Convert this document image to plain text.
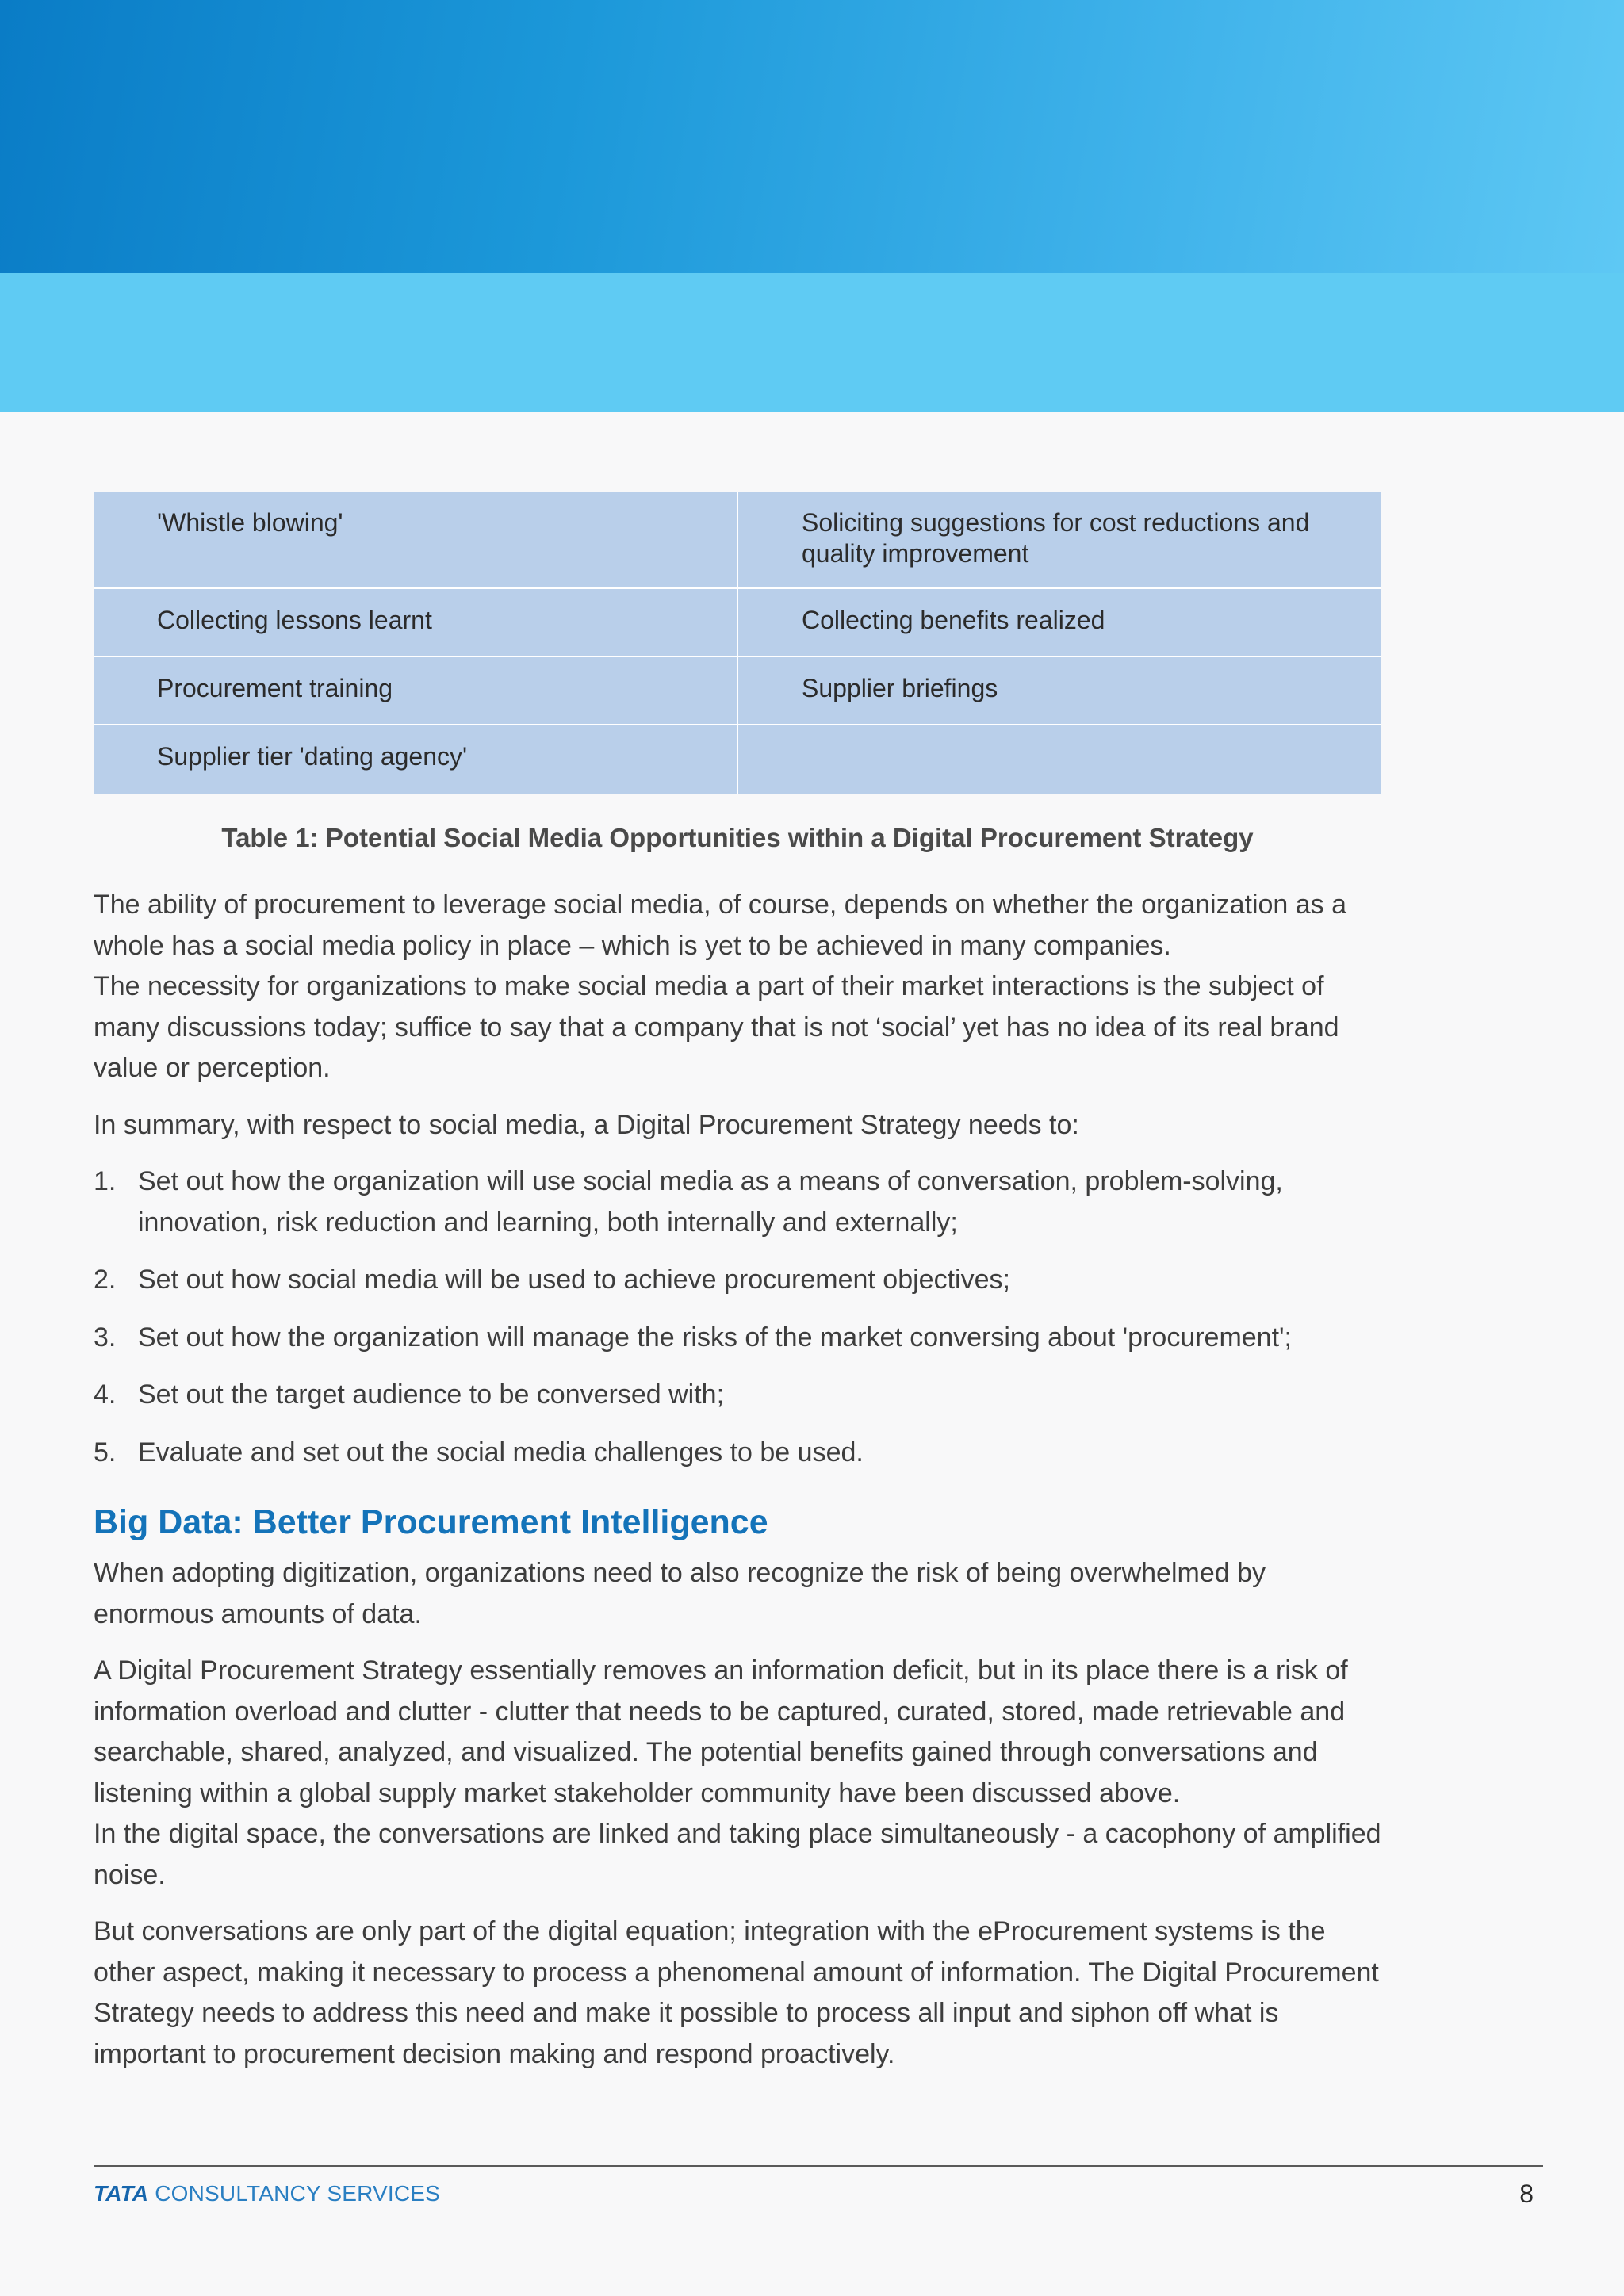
'Whistle blowing'	Soliciting suggestions for cost reductions and quality improvement
Collecting lessons learnt	Collecting benefits realized
Procurement training	Supplier briefings
Supplier tier 'dating agency'	
Table 1: Potential Social Media Opportunities within a Digital Procurement Strategy

The ability of procurement to leverage social media, of course, depends on whether the organization as a whole has a social media policy in place – which is yet to be achieved in many companies.

The necessity for organizations to make social media a part of their market interactions is the subject of many discussions today; suffice to say that a company that is not ‘social’ yet has no idea of its real brand value or perception.

In summary, with respect to social media, a Digital Procurement Strategy needs to:

1. Set out how the organization will use social media as a means of conversation, problem-solving, innovation, risk reduction and learning, both internally and externally;
2. Set out how social media will be used to achieve procurement objectives;
3. Set out how the organization will manage the risks of the market conversing about 'procurement';
4. Set out the target audience to be conversed with;
5. Evaluate and set out the social media challenges to be used.
Big Data: Better Procurement Intelligence

When adopting digitization, organizations need to also recognize the risk of being overwhelmed by enormous amounts of data.

A Digital Procurement Strategy essentially removes an information deficit, but in its place there is a risk of information overload and clutter - clutter that needs to be captured, curated, stored, made retrievable and searchable, shared, analyzed, and visualized. The potential benefits gained through conversations and listening within a global supply market stakeholder community have been discussed above.

In the digital space, the conversations are linked and taking place simultaneously - a cacophony of amplified noise.

But conversations are only part of the digital equation; integration with the eProcurement systems is the other aspect, making it necessary to process a phenomenal amount of information. The Digital Procurement Strategy needs to address this need and make it possible to process all input and siphon off what is important to procurement decision making and respond proactively.

TATA CONSULTANCY SERVICES	8
